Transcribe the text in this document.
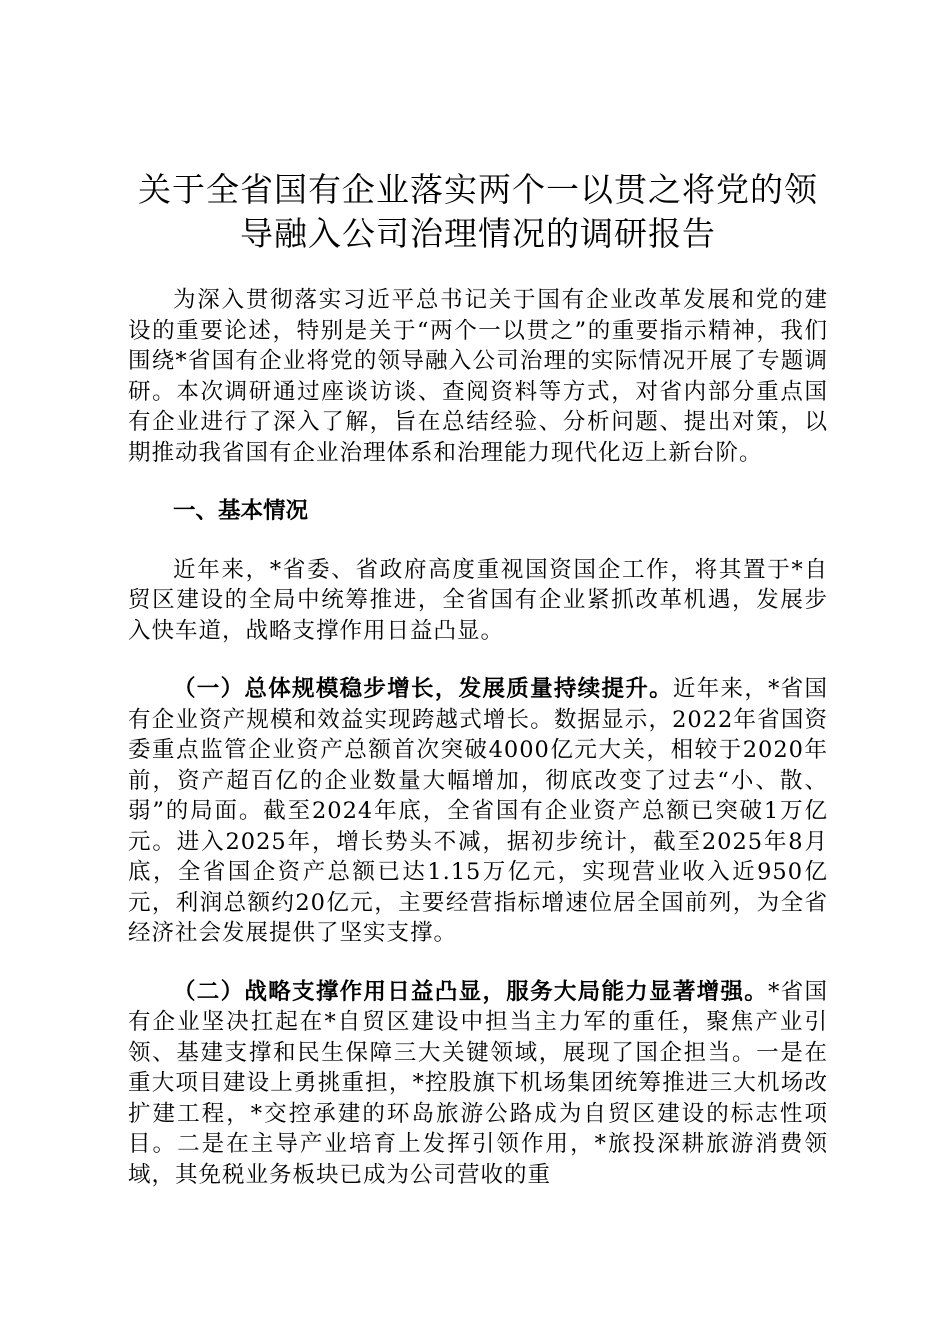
关于全省国有企业落实两个一以贯之将党的领
导融入公司治理情况的调研报告

为深入贯彻落实习近平总书记关于国有企业改革发展和党的建设的重要论述，特别是关于“两个一以贯之”的重要指示精神，我们围绕*省国有企业将党的领导融入公司治理的实际情况开展了专题调研。本次调研通过座谈访谈、查阅资料等方式，对省内部分重点国有企业进行了深入了解，旨在总结经验、分析问题、提出对策，以期推动我省国有企业治理体系和治理能力现代化迈上新台阶。

一、基本情况

近年来，*省委、省政府高度重视国资国企工作，将其置于*自贸区建设的全局中统筹推进，全省国有企业紧抓改革机遇，发展步入快车道，战略支撑作用日益凸显。

（一）总体规模稳步增长，发展质量持续提升。近年来，*省国有企业资产规模和效益实现跨越式增长。数据显示，2022年省国资委重点监管企业资产总额首次突破4000亿元大关，相较于2020年前，资产超百亿的企业数量大幅增加，彻底改变了过去“小、散、弱”的局面。截至2024年底，全省国有企业资产总额已突破1万亿元。进入2025年，增长势头不减，据初步统计，截至2025年8月底，全省国企资产总额已达1.15万亿元，实现营业收入近950亿元，利润总额约20亿元，主要经营指标增速位居全国前列，为全省经济社会发展提供了坚实支撑。

（二）战略支撑作用日益凸显，服务大局能力显著增强。*省国有企业坚决扛起在*自贸区建设中担当主力军的重任，聚焦产业引领、基建支撑和民生保障三大关键领域，展现了国企担当。一是在重大项目建设上勇挑重担，*控股旗下机场集团统筹推进三大机场改扩建工程，*交控承建的环岛旅游公路成为自贸区建设的标志性项目。二是在主导产业培育上发挥引领作用，*旅投深耕旅游消费领域，其免税业务板块已成为公司营收的重
